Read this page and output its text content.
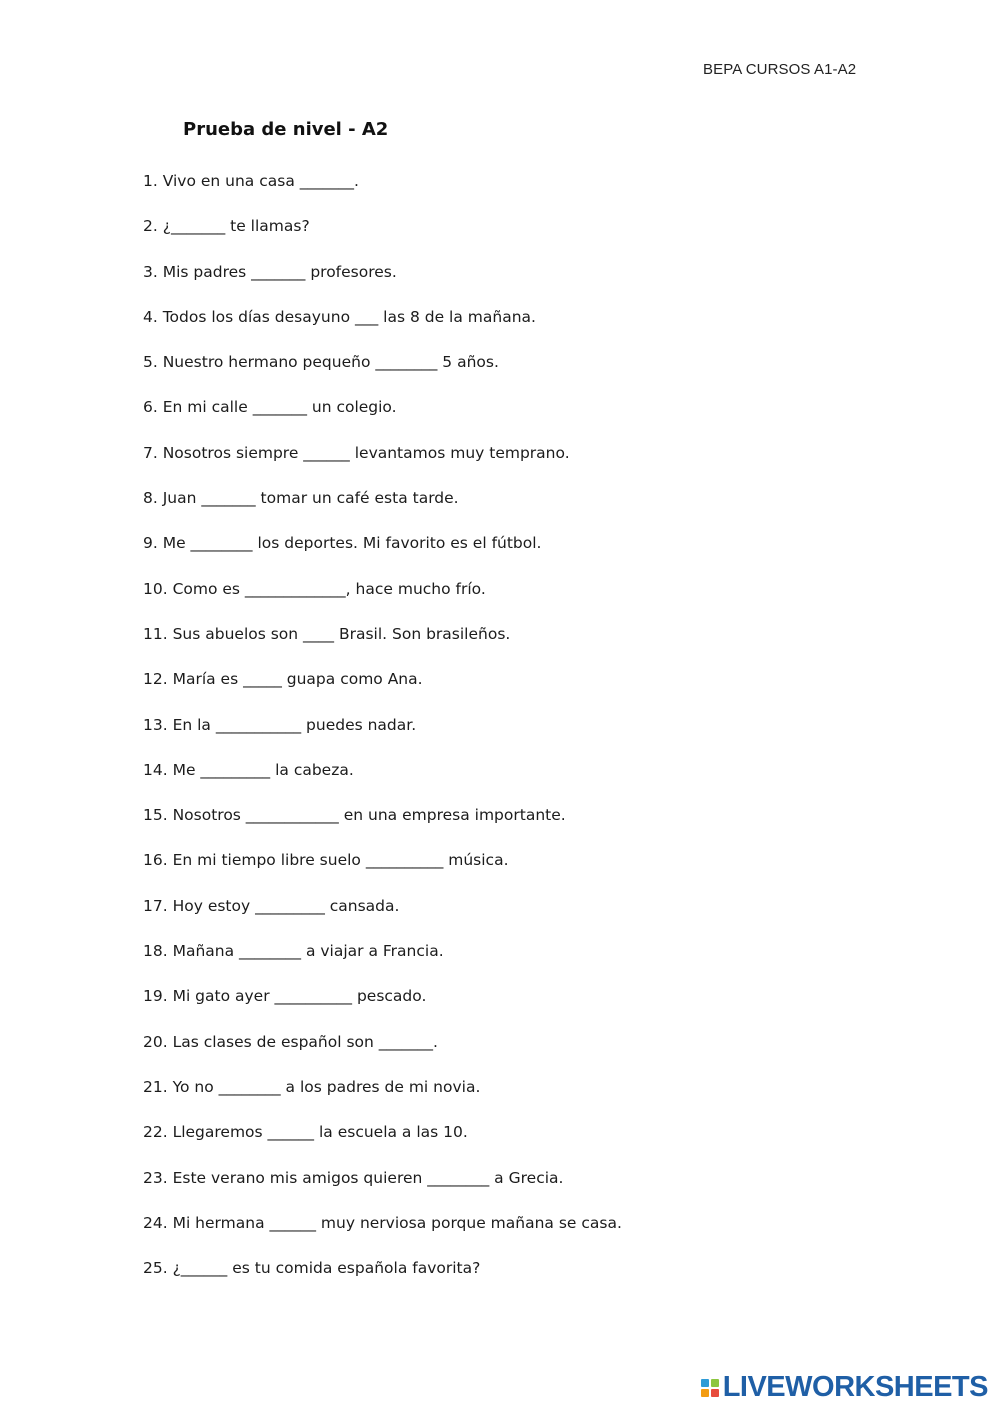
BEPA CURSOS A1-A2
Prueba de nivel - A2
1. Vivo en una casa _______.
2. ¿_______ te llamas?
3. Mis padres _______ profesores.
4. Todos los días desayuno ___ las 8 de la mañana.
5. Nuestro hermano pequeño ________ 5 años.
6. En mi calle _______ un colegio.
7. Nosotros siempre ______ levantamos muy temprano.
8. Juan _______ tomar un café esta tarde.
9. Me ________ los deportes. Mi favorito es el fútbol.
10. Como es _____________, hace mucho frío.
11. Sus abuelos son ____ Brasil. Son brasileños.
12. María es _____ guapa como Ana.
13. En la ___________ puedes nadar.
14. Me _________ la cabeza.
15. Nosotros ____________ en una empresa importante.
16. En mi tiempo libre suelo __________ música.
17. Hoy estoy _________ cansada.
18. Mañana ________ a viajar a Francia.
19. Mi gato ayer __________ pescado.
20. Las clases de español son _______.
21. Yo no ________ a los padres de mi novia.
22. Llegaremos ______ la escuela a las 10.
23. Este verano mis amigos quieren ________ a Grecia.
24. Mi hermana ______ muy nerviosa porque mañana se casa.
25. ¿______ es tu comida española favorita?
LIVEWORKSHEETS
